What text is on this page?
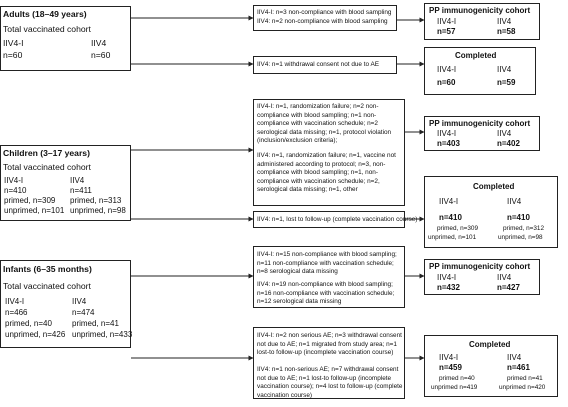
Adults (18–49 years)
Total vaccinated cohort
IIV4-I	IIV4
n=60	n=60
IIV4-I: n=3 non-compliance with blood sampling
IIV4: n=2 non-compliance with blood sampling
PP immunogenicity cohort
IIV4-I	IIV4
n=57	n=58
IIV4: n=1 withdrawal consent not due to AE
Completed
IIV4-I	IIV4
n=60	n=59
Children (3–17 years)
Total vaccinated cohort
IIV4-I	IIV4
n=410	n=411
primed, n=309 primed, n=313
unprimed, n=101 unprimed, n=98
IIV4-I: n=1, randomization failure; n=2 non-compliance with blood sampling; n=1 non-compliance with vaccination schedule; n=2 serological data missing; n=1, protocol violation (inclusion/exclusion criteria);
IIV4: n=1, randomization failure; n=1, vaccine not administered according to protocol; n=3, non-compliance with blood sampling; n=1, non-compliance with vaccination schedule; n=2, serological data missing; n=1, other
PP immunogenicity cohort
IIV4-I	IIV4
n=403	n=402
IIV4: n=1, lost to follow-up (complete vaccination course)
Completed
IIV4-I	IIV4
n=410	n=410
primed, n=309	primed, n=312
unprimed, n=101	unprimed, n=98
Infants (6–35 months)
Total vaccinated cohort
IIV4-I	IIV4
n=466	n=474
primed, n=40	primed, n=41
unprimed, n=426 unprimed, n=433
IIV4-I: n=15 non-compliance with blood sampling; n=11 non-compliance with vaccination schedule; n=8 serological data missing
IIV4: n=19 non-compliance with blood sampling; n=16 non-compliance with vaccination schedule; n=12 serological data missing
PP immunogenicity cohort
IIV4-I	IIV4
n=432	n=427
IIV4-I: n=2 non serious AE; n=3 withdrawal consent not due to AE; n=1 migrated from study area; n=1 lost-to follow-up (incomplete vaccination course)
IIV4: n=1 non-serious AE; n=7 withdrawal consent not due to AE; n=1 lost-to follow-up (incomplete vaccination course); n=4 lost to follow-up (complete vaccination course)
Completed
IIV4-I	IIV4
n=459	n=461
primed n=40	primed n=41
unprimed n=419	unprimed n=420
